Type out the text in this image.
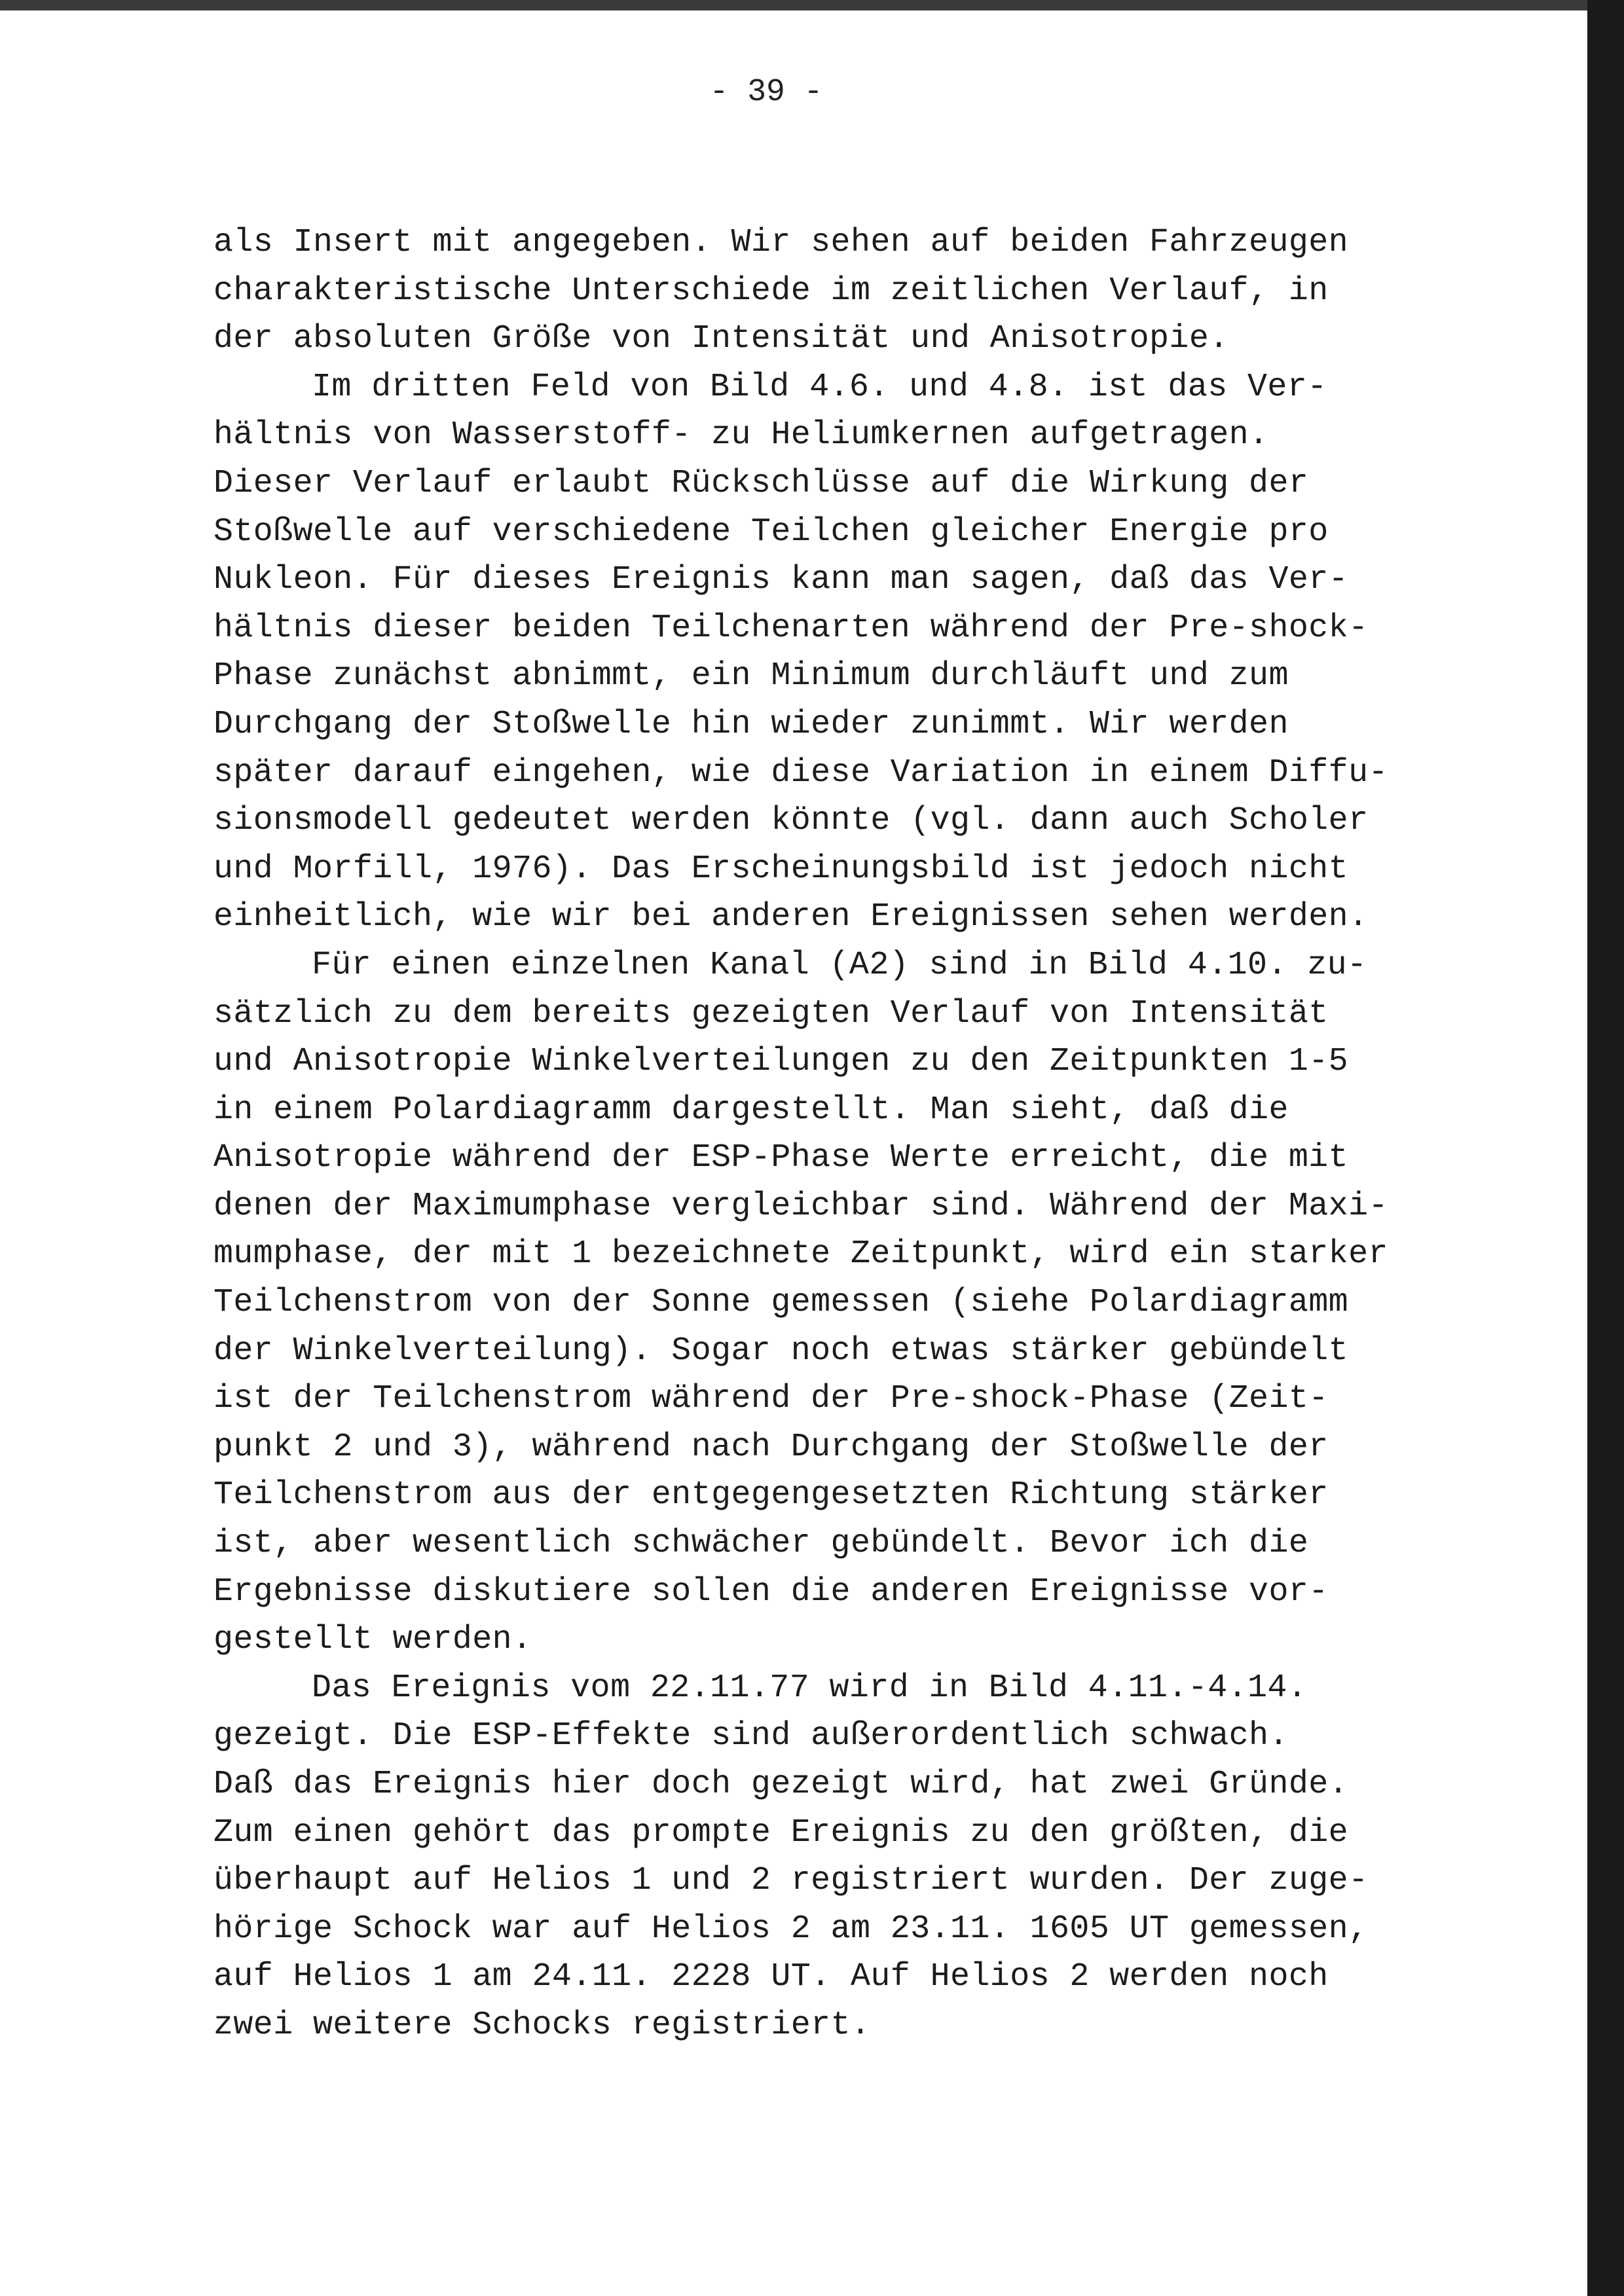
- 39 -
als Insert mit angegeben. Wir sehen auf beiden Fahrzeugen
charakteristische Unterschiede im zeitlichen Verlauf, in
der absoluten Größe von Intensität und Anisotropie.
Im dritten Feld von Bild 4.6. und 4.8. ist das Ver-
hältnis von Wasserstoff- zu Heliumkernen aufgetragen.
Dieser Verlauf erlaubt Rückschlüsse auf die Wirkung der
Stoßwelle auf verschiedene Teilchen gleicher Energie pro
Nukleon. Für dieses Ereignis kann man sagen, daß das Ver-
hältnis dieser beiden Teilchenarten während der Pre-shock-
Phase zunächst abnimmt, ein Minimum durchläuft und zum
Durchgang der Stoßwelle hin wieder zunimmt. Wir werden
später darauf eingehen, wie diese Variation in einem Diffu-
sionsmodell gedeutet werden könnte (vgl. dann auch Scholer
und Morfill, 1976). Das Erscheinungsbild ist jedoch nicht
einheitlich, wie wir bei anderen Ereignissen sehen werden.
Für einen einzelnen Kanal (A2) sind in Bild 4.10. zu-
sätzlich zu dem bereits gezeigten Verlauf von Intensität
und Anisotropie Winkelverteilungen zu den Zeitpunkten 1-5
in einem Polardiagramm dargestellt. Man sieht, daß die
Anisotropie während der ESP-Phase Werte erreicht, die mit
denen der Maximumphase vergleichbar sind. Während der Maxi-
mumphase, der mit 1 bezeichnete Zeitpunkt, wird ein starker
Teilchenstrom von der Sonne gemessen (siehe Polardiagramm
der Winkelverteilung). Sogar noch etwas stärker gebündelt
ist der Teilchenstrom während der Pre-shock-Phase (Zeit-
punkt 2 und 3), während nach Durchgang der Stoßwelle der
Teilchenstrom aus der entgegengesetzten Richtung stärker
ist, aber wesentlich schwächer gebündelt. Bevor ich die
Ergebnisse diskutiere sollen die anderen Ereignisse vor-
gestellt werden.
Das Ereignis vom 22.11.77 wird in Bild 4.11.-4.14.
gezeigt. Die ESP-Effekte sind außerordentlich schwach.
Daß das Ereignis hier doch gezeigt wird, hat zwei Gründe.
Zum einen gehört das prompte Ereignis zu den größten, die
überhaupt auf Helios 1 und 2 registriert wurden. Der zuge-
hörige Schock war auf Helios 2 am 23.11. 1605 UT gemessen,
auf Helios 1 am 24.11. 2228 UT. Auf Helios 2 werden noch
zwei weitere Schocks registriert.
